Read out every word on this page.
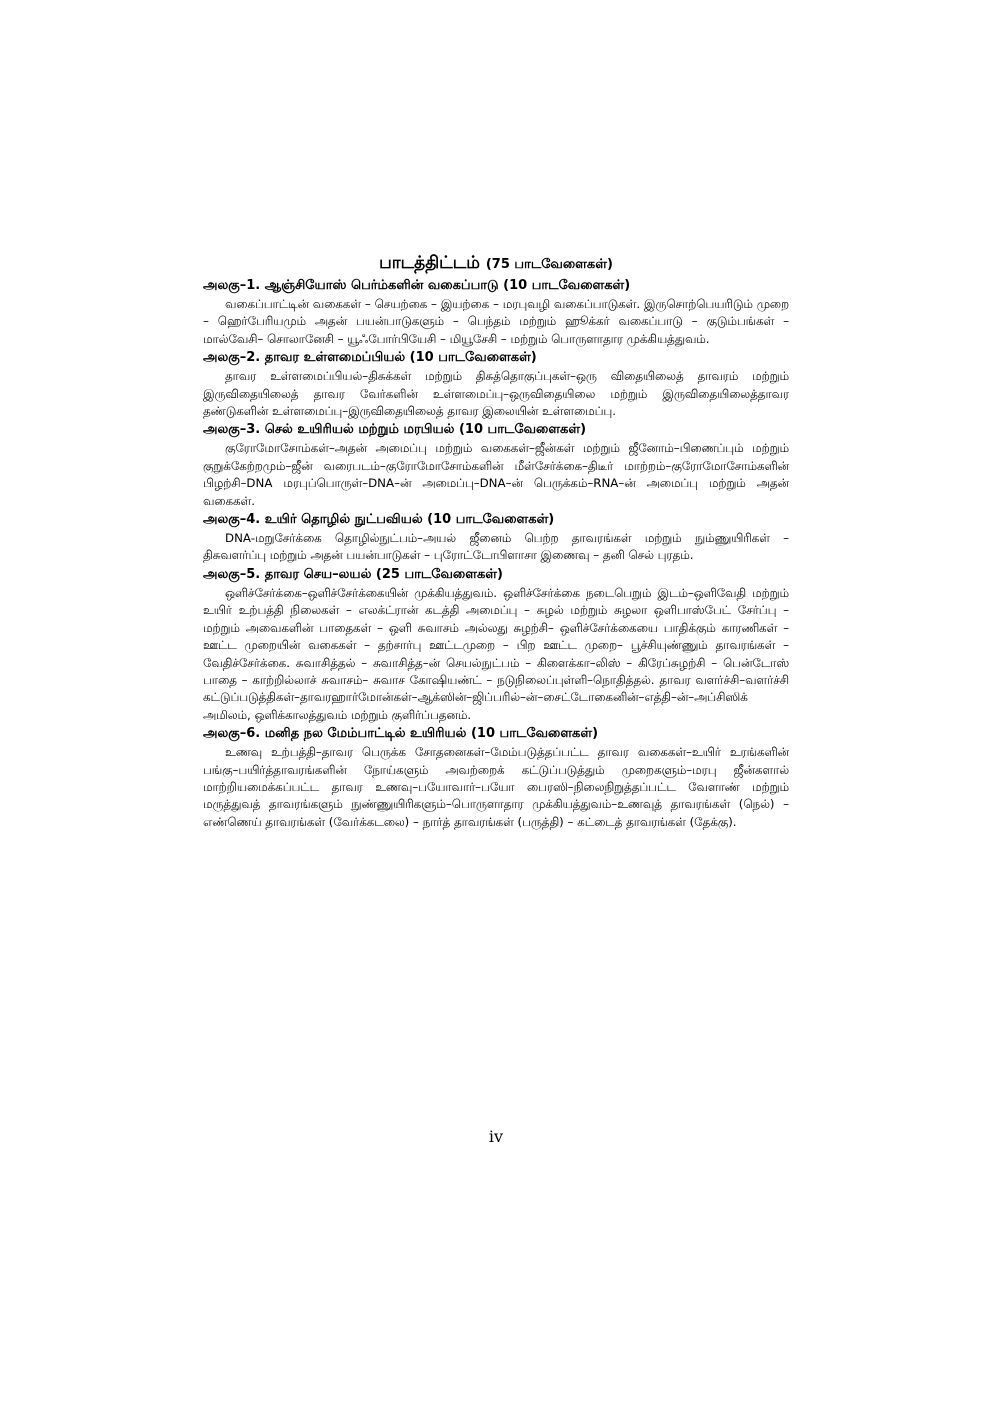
பாடத்திட்டம் (75 பாடவேளைகள்)

அலகு–1. ஆஞ்சியோஸ் பெர்ம்களின் வகைப்பாடு (10 பாடவேளைகள்)
வகைப்பாட்டின் வகைகள் – செயற்கை – இயற்கை – மரபுவழி வகைப்பாடுகள். இருசொற்பெயரிடும் முறை – ஹெர்பேரியமும் அதன் பயன்பாடுகளும் – பெந்தம் மற்றும் ஹூக்கர் வகைப்பாடு – குடும்பங்கள் – மால்வேசி– சொலானேசி – யூஃபோர்பியேசி – மியூசேசி – மற்றும் பொருளாதார முக்கியத்துவம்.

அலகு–2. தாவர உள்ளமைப்பியல் (10 பாடவேளைகள்)
தாவர உள்ளமைப்பியல்–திசுக்கள் மற்றும் திசுத்தொகுப்புகள்–ஒரு விதையிலைத் தாவரம் மற்றும் இருவிதையிலைத் தாவர வேர்களின் உள்ளமைப்பு–ஒருவிதையிலை மற்றும் இருவிதையிலைத்தாவர தண்டுகளின் உள்ளமைப்பு–இருவிதையிலைத் தாவர இலையின் உள்ளமைப்பு.

அலகு–3. செல் உயிரியல் மற்றும் மரபியல் (10 பாடவேளைகள்)
குரோமோசோம்கள்–அதன் அமைப்பு மற்றும் வகைகள்–ஜீன்கள் மற்றும் ஜீனோம்–பிணைப்பும் மற்றும் குறுக்கேற்றமும்–ஜீன் வரைபடம்–குரோமோசோம்களின் மீள்சேர்க்கை–திடீர் மாற்றம்–குரோமோசோம்களின் பிழற்சி–DNA மரபுப்பொருள்–DNA–ன் அமைப்பு–DNA–ன் பெருக்கம்–RNA–ன் அமைப்பு மற்றும் அதன் வகைகள்.

அலகு–4. உயிர் தொழில் நுட்பவியல் (10 பாடவேளைகள்)
DNA-மறுசேர்க்கை தொழில்நுட்பம்–அயல் ஜீனைம் பெற்ற தாவரங்கள் மற்றும் நும்ணுயிரிகள் – திசுவளர்ப்பு மற்றும் அதன் பயன்பாடுகள் – புரோட்டோபிளாசா இணைவு – தனி செல் புரதம்.

அலகு–5. தாவர செய–லயல் (25 பாடவேளைகள்)
ஒளிச்சேர்க்கை–ஒளிச்சேர்க்கையின் முக்கியத்துவம். ஒளிச்சேர்க்கை நடைபெறும் இடம்–ஒளிவேதி மற்றும் உயிர் உற்பத்தி நிலைகள் – எலக்ட்ரான் கடத்தி அமைப்பு – சுழல் மற்றும் சுழலா ஒளிபாஸ்பேட் சேர்ப்பு – மற்றும் அவைகளின் பாதைகள் – ஒளி சுவாசம் அல்லது சுழற்சி– ஒளிச்சேர்க்கையை பாதிக்கும் காரணிகள் – ஊட்ட முறையின் வகைகள் – தற்சார்பு ஊட்டமுறை – பிற ஊட்ட முறை– பூச்சியுண்ணும் தாவரங்கள் – வேதிச்சேர்க்கை. சுவாசித்தல் – சுவாசித்த–ன் செயல்நுட்பம் – கிளைக்கா–லிஸ் – கிரேப்சுழற்சி – பென்டோஸ் பாதை – காற்றில்லாச் சுவாசம்– சுவாச கோஷியண்ட் – நடுநிலைப்புள்ளி–நொதித்தல். தாவர வளர்ச்சி–வளர்ச்சி கட்டுப்படுத்திகள்–தாவரஹார்மோன்கள்–ஆக்ஸின்–ஜிப்பரில்–ன்–சைட்டோகைனின்–எத்தி–ன்–அப்சிஸிக் அமிலம், ஒளிக்காலத்துவம் மற்றும் குளிர்ப்பதனம்.

அலகு–6. மனித நல மேம்பாட்டில் உயிரியல் (10 பாடவேளைகள்)
உணவு உற்பத்தி–தாவர பெருக்க சோதனைகள்–மேம்படுத்தப்பட்ட தாவர வகைகள்–உயிர் உரங்களின் பங்கு–பயிர்த்தாவரங்களின் நோய்களும் அவற்றைக் கட்டுப்படுத்தும் முறைகளும்–மரபு ஜீன்களால் மாற்றியமைக்கப்பட்ட தாவர உணவு–பயோவார்–பயோ பைரஸி–நிலைநிறுத்தப்பட்ட வேளாண் மற்றும் மருத்துவத் தாவரங்களும் நுண்ணுயிரிகளும்–பொருளாதார முக்கியத்துவம்–உணவுத் தாவரங்கள் (நெல்) – எண்ணெய் தாவரங்கள் (வேர்க்கடலை) – நார்த் தாவரங்கள் (பருத்தி) – கட்டைத் தாவரங்கள் (தேக்கு).

iv
